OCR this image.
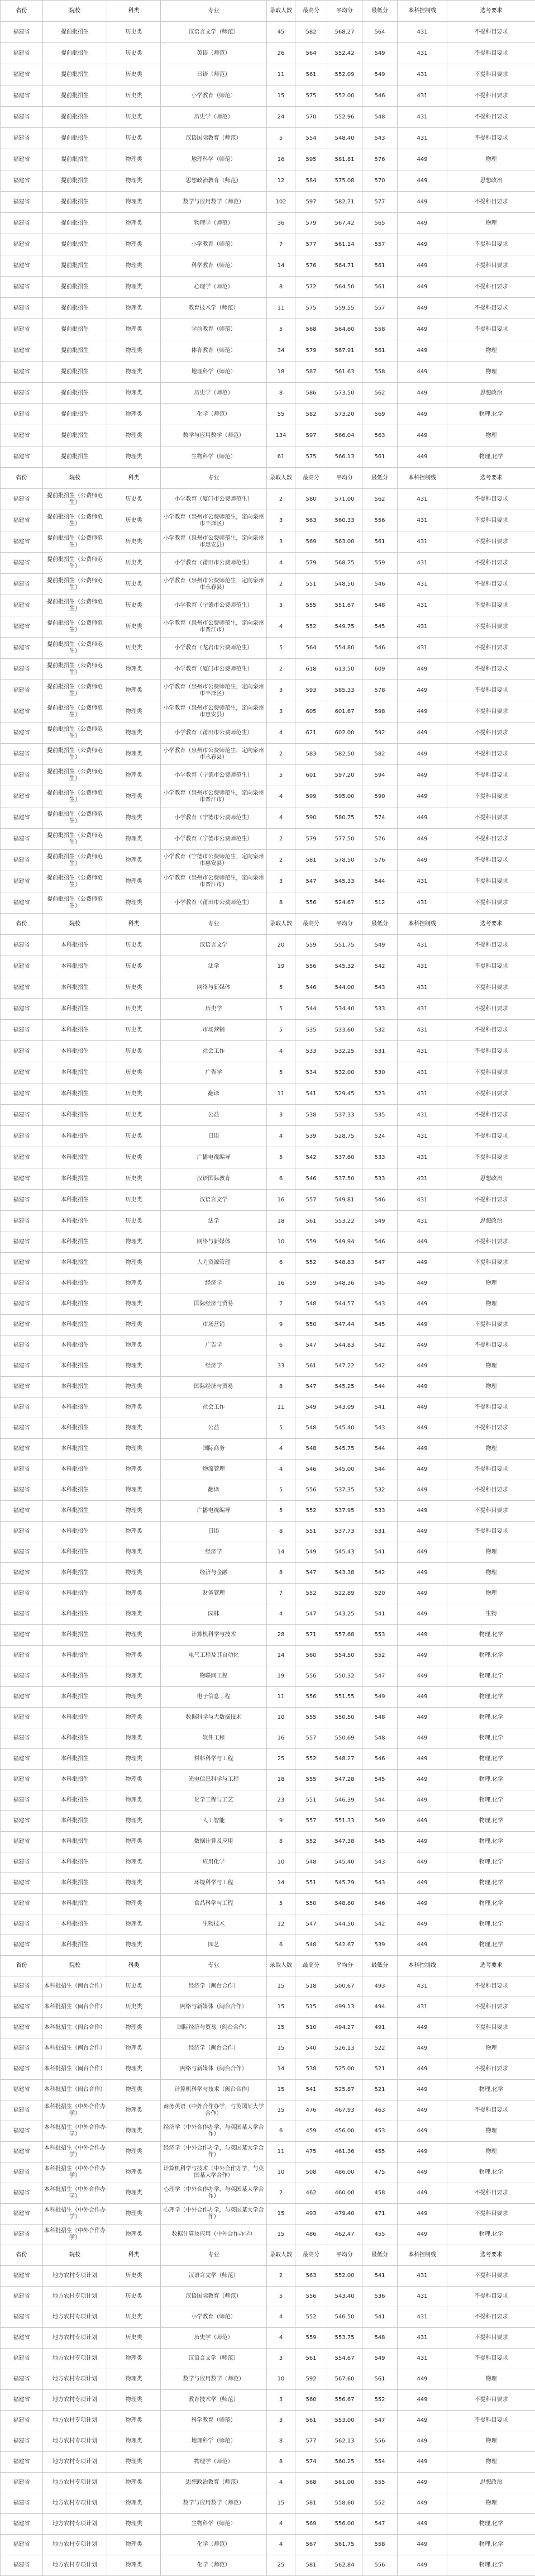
省份	院校	科类	专业	录取人数	最高分	平均分	最低分	本科控制线	选考要求
福建省	提前批招生	历史类	汉语言文学（师范）	45	582	568.27	564	431	不提科目要求
福建省	提前批招生	历史类	英语（师范）	26	564	552.42	549	431	不提科目要求
福建省	提前批招生	历史类	日语（师范）	11	561	552.09	549	431	不提科目要求
福建省	提前批招生	历史类	小学教育（师范）	15	575	552.00	546	431	不提科目要求
福建省	提前批招生	历史类	历史学（师范）	24	570	552.96	548	431	不提科目要求
福建省	提前批招生	历史类	汉语国际教育（师范）	5	554	548.40	543	431	不提科目要求
福建省	提前批招生	物理类	地理科学（师范）	16	595	581.81	576	449	物理
福建省	提前批招生	物理类	思想政治教育（师范）	12	584	575.08	570	449	思想政治
福建省	提前批招生	物理类	数学与应用数学（师范）	102	597	582.71	577	449	不提科目要求
福建省	提前批招生	物理类	物理学（师范）	36	579	567.42	565	449	物理
福建省	提前批招生	物理类	小学教育（师范）	7	577	561.14	557	449	不提科目要求
福建省	提前批招生	物理类	科学教育（师范）	14	576	564.71	561	449	不提科目要求
福建省	提前批招生	物理类	心理学（师范）	8	572	564.50	561	449	不提科目要求
福建省	提前批招生	物理类	教育技术学（师范）	11	575	559.55	557	449	不提科目要求
福建省	提前批招生	物理类	学前教育（师范）	5	568	564.60	558	449	不提科目要求
福建省	提前批招生	物理类	体育教育（师范）	34	579	567.91	561	449	物理
福建省	提前批招生	物理类	地理科学（师范）	18	587	561.63	558	449	物理
福建省	提前批招生	物理类	历史学（师范）	8	586	573.50	562	449	思想政治
福建省	提前批招生	物理类	化学（师范）	55	582	573.20	569	449	物理,化学
福建省	提前批招生	物理类	数学与应用数学（师范）	134	597	566.04	563	449	物理
福建省	提前批招生	物理类	生物科学（师范）	61	575	566.13	561	449	物理,化学
省份	院校	科类	专业	录取人数	最高分	平均分	最低分	本科控制线	选考要求
福建省	提前批招生（公费师范生）	历史类	小学教育（厦门市公费师范生）	2	580	571.00	562	431	不提科目要求
福建省	提前批招生（公费师范生）	历史类	小学教育（泉州市公费师范生，定向泉州市丰泽区）	3	563	560.33	556	431	不提科目要求
福建省	提前批招生（公费师范生）	历史类	小学教育（泉州市公费师范生，定向泉州市惠安县）	3	569	563.00	561	431	不提科目要求
福建省	提前批招生（公费师范生）	历史类	小学教育（莆田市公费师范生）	4	579	568.75	559	431	不提科目要求
福建省	提前批招生（公费师范生）	历史类	小学教育（泉州市公费师范生，定向泉州市永春县）	2	551	548.50	546	431	不提科目要求
福建省	提前批招生（公费师范生）	历史类	小学教育（宁德市公费师范生）	3	555	551.67	548	431	不提科目要求
福建省	提前批招生（公费师范生）	历史类	小学教育（泉州市公费师范生，定向泉州市晋江市）	4	552	549.75	545	431	不提科目要求
福建省	提前批招生（公费师范生）	历史类	小学教育（龙岩市公费师范生）	5	564	554.80	546	431	不提科目要求
福建省	提前批招生（公费师范生）	物理类	小学教育（厦门市公费师范生）	2	618	613.50	609	449	不提科目要求
福建省	提前批招生（公费师范生）	物理类	小学教育（泉州市公费师范生，定向泉州市丰泽区）	3	593	585.33	578	449	不提科目要求
福建省	提前批招生（公费师范生）	物理类	小学教育（泉州市公费师范生，定向泉州市惠安县）	3	605	601.67	598	449	不提科目要求
福建省	提前批招生（公费师范生）	物理类	小学教育（莆田市公费师范生）	4	621	602.00	592	449	不提科目要求
福建省	提前批招生（公费师范生）	物理类	小学教育（泉州市公费师范生，定向泉州市永春县）	2	583	582.50	582	449	不提科目要求
福建省	提前批招生（公费师范生）	物理类	小学教育（宁德市公费师范生）	5	601	597.20	594	449	不提科目要求
福建省	提前批招生（公费师范生）	物理类	小学教育（泉州市公费师范生，定向泉州市晋江市）	4	599	595.00	590	449	不提科目要求
福建省	提前批招生（公费师范生）	物理类	小学教育（宁德市公费师范生）	4	590	580.75	574	449	不提科目要求
福建省	提前批招生（公费师范生）	物理类	小学教育（宁德市公费师范生）	2	579	577.50	576	449	不提科目要求
福建省	提前批招生（公费师范生）	物理类	小学教育（宁德市公费师范生，定向泉州市惠安县）	2	581	578.50	576	449	不提科目要求
福建省	提前批招生（公费师范生）	物理类	小学教育（泉州市公费师范生，定向泉州市晋江市）	3	547	545.33	544	431	不提科目要求
福建省	提前批招生（公费师范生）	物理类	小学教育（莆田市公费师范生）	8	556	524.67	512	431	不提科目要求
省份	院校	科类	专业	录取人数	最高分	平均分	最低分	本科控制线	选考要求
福建省	本科批招生	历史类	汉语言文学	20	559	551.75	549	431	不提科目要求
福建省	本科批招生	历史类	法学	19	556	545.32	542	431	不提科目要求
福建省	本科批招生	历史类	网络与新媒体	5	546	544.00	543	431	不提科目要求
福建省	本科批招生	历史类	历史学	5	544	534.40	533	431	不提科目要求
福建省	本科批招生	历史类	市场营销	5	535	533.60	532	431	不提科目要求
福建省	本科批招生	历史类	社会工作	4	533	532.25	531	431	不提科目要求
福建省	本科批招生	历史类	广告学	5	534	532.00	530	431	不提科目要求
福建省	本科批招生	历史类	翻译	11	541	529.45	523	431	不提科目要求
福建省	本科批招生	历史类	公益	3	538	537.33	535	431	不提科目要求
福建省	本科批招生	历史类	日语	4	539	528.75	524	431	不提科目要求
福建省	本科批招生	历史类	广播电视编导	5	542	537.60	533	431	不提科目要求
福建省	本科批招生	历史类	汉语国际教育	6	546	537.50	533	431	思想政治
福建省	本科批招生	历史类	汉语言文学	16	557	549.81	546	431	不提科目要求
福建省	本科批招生	历史类	法学	18	561	553.22	549	431	思想政治
福建省	本科批招生	物理类	网络与新媒体	10	559	549.94	546	449	不提科目要求
福建省	本科批招生	物理类	人力资源管理	6	552	548.83	547	449	不提科目要求
福建省	本科批招生	物理类	经济学	16	559	548.36	545	449	物理
福建省	本科批招生	物理类	国际经济与贸易	7	548	544.57	543	449	物理
福建省	本科批招生	物理类	市场营销	9	550	547.44	545	449	不提科目要求
福建省	本科批招生	物理类	广告学	6	547	544.83	542	449	不提科目要求
福建省	本科批招生	物理类	经济学	33	561	547.22	542	449	物理
福建省	本科批招生	物理类	国际经济与贸易	8	547	545.25	544	449	物理
福建省	本科批招生	物理类	社会工作	11	549	543.09	541	449	不提科目要求
福建省	本科批招生	物理类	公益	5	548	545.40	543	449	不提科目要求
福建省	本科批招生	物理类	国际商务	4	548	545.75	544	449	物理
福建省	本科批招生	物理类	物流管理	4	546	545.00	544	449	不提科目要求
福建省	本科批招生	物理类	翻译	5	556	537.35	532	449	不提科目要求
福建省	本科批招生	物理类	广播电视编导	5	552	537.95	533	449	不提科目要求
福建省	本科批招生	物理类	日语	8	551	537.73	531	449	不提科目要求
福建省	本科批招生	物理类	经济学	14	549	545.43	541	449	物理
福建省	本科批招生	物理类	经济与金融	8	547	543.38	542	449	物理
福建省	本科批招生	物理类	财务管理	7	552	522.89	520	449	物理
福建省	本科批招生	物理类	园林	4	547	543.25	541	449	生物
福建省	本科批招生	物理类	计算机科学与技术	28	571	557.68	553	449	物理,化学
福建省	本科批招生	物理类	电气工程及其自动化	14	560	554.50	552	449	物理,化学
福建省	本科批招生	物理类	物联网工程	19	556	550.32	547	449	物理,化学
福建省	本科批招生	物理类	电子信息工程	11	556	551.55	549	449	物理,化学
福建省	本科批招生	物理类	数据科学与大数据技术	10	555	550.50	548	449	物理,化学
福建省	本科批招生	物理类	软件工程	16	557	550.69	548	449	物理,化学
福建省	本科批招生	物理类	材料科学与工程	25	552	548.27	546	449	物理,化学
福建省	本科批招生	物理类	光电信息科学与工程	18	555	547.28	545	449	物理,化学
福建省	本科批招生	物理类	化学工程与工艺	23	551	546.39	544	449	物理,化学
福建省	本科批招生	物理类	人工智能	9	557	551.33	549	449	物理,化学
福建省	本科批招生	物理类	数据计算及应用	8	552	547.38	545	449	物理,化学
福建省	本科批招生	物理类	应用化学	10	548	545.40	543	449	物理,化学
福建省	本科批招生	物理类	环境科学与工程	14	551	545.79	543	449	物理,化学
福建省	本科批招生	物理类	食品科学与工程	5	550	548.80	546	449	物理,化学
福建省	本科批招生	物理类	生物技术	12	547	544.50	542	449	物理,化学
福建省	本科批招生	物理类	园艺	6	548	542.67	539	449	物理,化学
省份	院校	科类	专业	录取人数	最高分	平均分	最低分	本科控制线	选考要求
福建省	本科批招生（闽台合作）	历史类	经济学（闽台合作）	15	518	500.67	493	431	不提科目要求
福建省	本科批招生（闽台合作）	历史类	网络与新媒体（闽台合作）	15	515	499.13	494	431	不提科目要求
福建省	本科批招生（闽台合作）	物理类	国际经济与贸易（闽台合作）	15	510	494.27	491	449	不提科目要求
福建省	本科批招生（闽台合作）	物理类	经济学（闽台合作）	15	540	526.13	522	449	物理
福建省	本科批招生（闽台合作）	物理类	网络与新媒体（闽台合作）	14	538	525.00	521	449	不提科目要求
福建省	本科批招生（闽台合作）	物理类	计算机科学与技术（闽台合作）	15	541	525.87	521	449	物理,化学
福建省	本科批招生（中外合作办学）	物理类	商务英语（中外合作办学，与英国某大学合作）	15	476	467.93	463	449	不提科目要求
福建省	本科批招生（中外合作办学）	物理类	经济学（中外合作办学，与英国某大学合作）	6	459	456.00	453	449	物理
福建省	本科批招生（中外合作办学）	物理类	经济学（中外合作办学，与英国某大学合作）	11	475	461.36	455	449	物理
福建省	本科批招生（中外合作办学）	物理类	计算机科学与技术（中外合作办学，与英国某大学合作）	10	508	486.00	475	449	物理,化学
福建省	本科批招生（中外合作办学）	物理类	心理学（中外合作办学，与英国某大学合作）	2	462	460.00	458	449	不提科目要求
福建省	本科批招生（中外合作办学）	物理类	心理学（中外合作办学，与英国某大学合作）	15	493	479.40	471	449	不提科目要求
福建省	本科批招生（中外合作办学）	物理类	数据计算及应用（中外合作办学）	15	486	462.47	455	449	物理,化学
省份	院校	科类	专业	录取人数	最高分	平均分	最低分	本科控制线	选考要求
福建省	地方农村专项计划	历史类	汉语言文学（师范）	2	563	552.00	541	431	不提科目要求
福建省	地方农村专项计划	历史类	汉语国际教育（师范）	5	556	543.40	536	431	不提科目要求
福建省	地方农村专项计划	历史类	小学教育（师范）	4	552	546.50	541	431	不提科目要求
福建省	地方农村专项计划	历史类	历史学（师范）	4	559	553.75	548	431	不提科目要求
福建省	地方农村专项计划	物理类	汉语言文学（师范）	3	561	554.67	549	431	不提科目要求
福建省	地方农村专项计划	物理类	数学与应用数学（师范）	10	592	567.60	561	449	物理
福建省	地方农村专项计划	物理类	教育技术学（师范）	3	560	556.67	552	449	不提科目要求
福建省	地方农村专项计划	物理类	科学教育（师范）	3	561	553.00	547	449	不提科目要求
福建省	地方农村专项计划	物理类	地理科学（师范）	8	577	562.13	556	449	物理
福建省	地方农村专项计划	物理类	物理学（师范）	8	574	560.25	554	449	物理
福建省	地方农村专项计划	物理类	思想政治教育（师范）	4	568	561.00	555	449	思想政治
福建省	地方农村专项计划	物理类	数学与应用数学（师范）	15	581	558.60	552	449	物理
福建省	地方农村专项计划	物理类	生物科学（师范）	4	569	556.00	547	449	物理,化学
福建省	地方农村专项计划	物理类	化学（师范）	4	567	561.75	558	449	物理,化学
福建省	地方农村专项计划	物理类	化学（师范）	25	581	562.84	556	449	物理,化学
